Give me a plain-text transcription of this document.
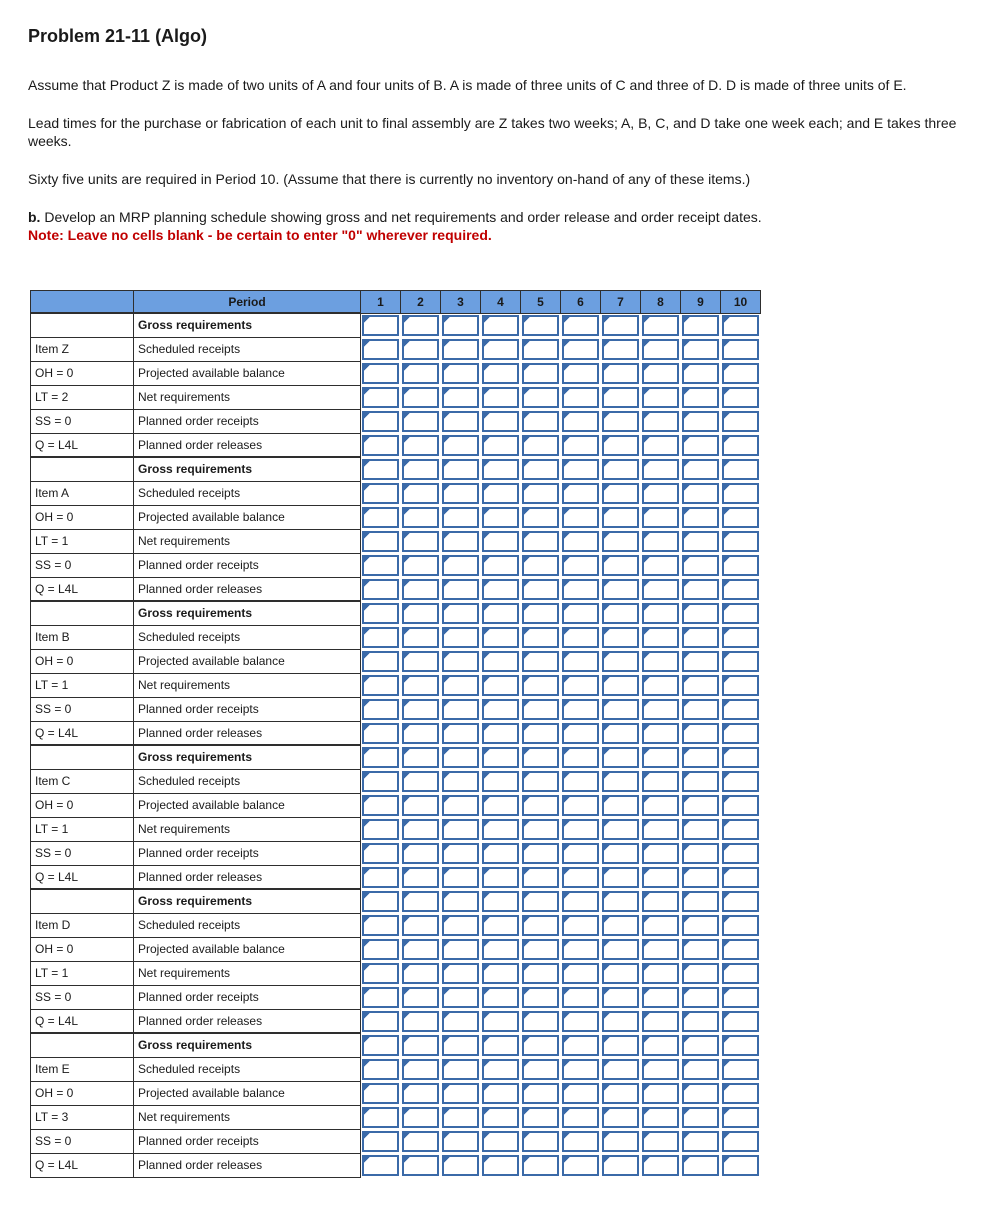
Problem 21-11 (Algo)

Assume that Product Z is made of two units of A and four units of B. A is made of three units of C and three of D. D is made of three units of E.

Lead times for the purchase or fabrication of each unit to final assembly are Z takes two weeks; A, B, C, and D take one week each; and E takes three weeks.

Sixty five units are required in Period 10. (Assume that there is currently no inventory on-hand of any of these items.)

b. Develop an MRP planning schedule showing gross and net requirements and order release and order receipt dates.

Note: Leave no cells blank - be certain to enter "0" wherever required.

	Period	1	2	3	4	5	6	7	8	9	10
	Gross requirements	

Item Z	Scheduled receipts	

OH = 0	Projected available balance	

LT = 2	Net requirements	

SS = 0	Planned order receipts	

Q = L4L	Planned order releases	

	Gross requirements	

Item A	Scheduled receipts	

OH = 0	Projected available balance	

LT = 1	Net requirements	

SS = 0	Planned order receipts	

Q = L4L	Planned order releases	

	Gross requirements	

Item B	Scheduled receipts	

OH = 0	Projected available balance	

LT = 1	Net requirements	

SS = 0	Planned order receipts	

Q = L4L	Planned order releases	

	Gross requirements	

Item C	Scheduled receipts	

OH = 0	Projected available balance	

LT = 1	Net requirements	

SS = 0	Planned order receipts	

Q = L4L	Planned order releases	

	Gross requirements	

Item D	Scheduled receipts	

OH = 0	Projected available balance	

LT = 1	Net requirements	

SS = 0	Planned order receipts	

Q = L4L	Planned order releases	

	Gross requirements	

Item E	Scheduled receipts	

OH = 0	Projected available balance	

LT = 3	Net requirements	

SS = 0	Planned order receipts	

Q = L4L	Planned order releases	
